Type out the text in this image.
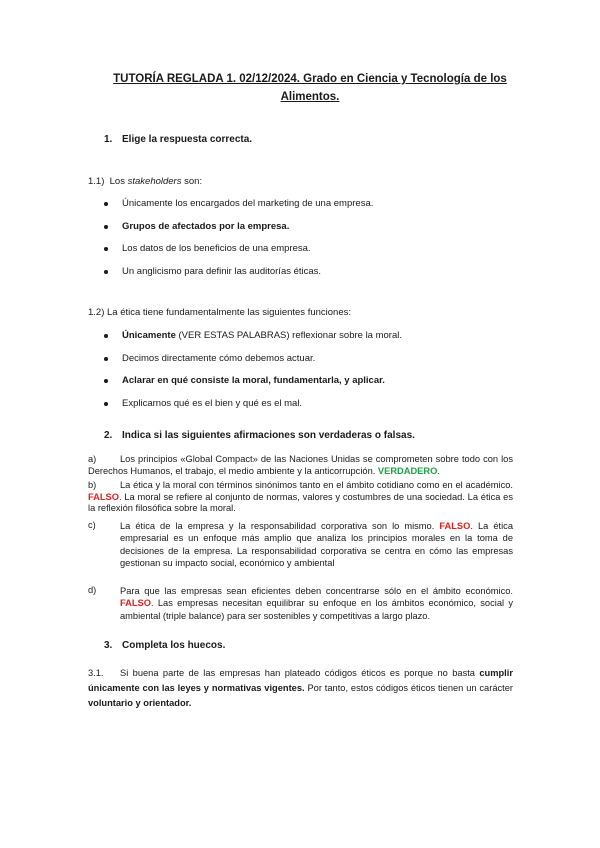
TUTORÍA REGLADA 1. 02/12/2024. Grado en Ciencia y Tecnología de los
Alimentos.
1. Elige la respuesta correcta.
1.1)  Los stakeholders son:
Únicamente los encargados del marketing de una empresa.
Grupos de afectados por la empresa.
Los datos de los beneficios de una empresa.
Un anglicismo para definir las auditorías éticas.
1.2) La ética tiene fundamentalmente las siguientes funciones:
Únicamente (VER ESTAS PALABRAS) reflexionar sobre la moral.
Decimos directamente cómo debemos actuar.
Aclarar en qué consiste la moral, fundamentarla, y aplicar.
Explicarnos qué es el bien y qué es el mal.
2. Indica si las siguientes afirmaciones son verdaderas o falsas.
a)	Los principios «Global Compact» de las Naciones Unidas se comprometen sobre todo con los Derechos Humanos, el trabajo, el medio ambiente y la anticorrupción. VERDADERO.
b)	La ética y la moral con términos sinónimos tanto en el ámbito cotidiano como en el académico. FALSO. La moral se refiere al conjunto de normas, valores y costumbres de una sociedad. La ética es la reflexión filosófica sobre la moral.
c)	La ética de la empresa y la responsabilidad corporativa son lo mismo. FALSO. La ética empresarial es un enfoque más amplio que analiza los principios morales en la toma de decisiones de la empresa. La responsabilidad corporativa se centra en cómo las empresas gestionan su impacto social, económico y ambiental
d)	Para que las empresas sean eficientes deben concentrarse sólo en el ámbito económico. FALSO. Las empresas necesitan equilibrar su enfoque en los ámbitos económico, social y ambiental (triple balance) para ser sostenibles y competitivas a largo plazo.
3. Completa los huecos.
3.1. Si buena parte de las empresas han plateado códigos éticos es porque no basta cumplir únicamente con las leyes y normativas vigentes. Por tanto, estos códigos éticos tienen un carácter voluntario y orientador.
